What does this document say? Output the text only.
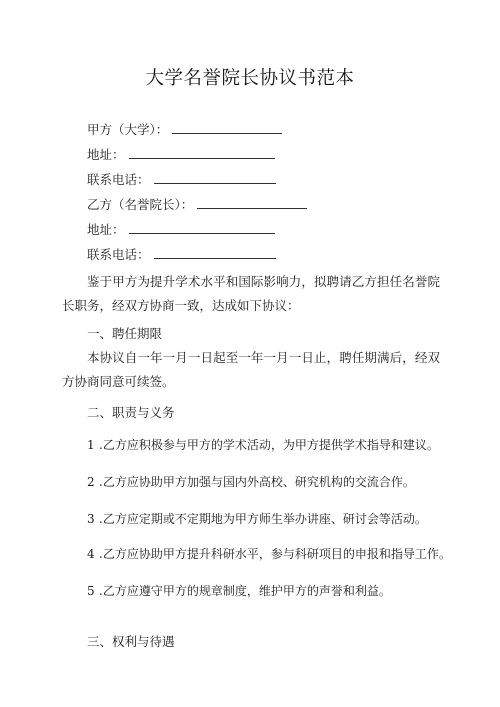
大学名誉院长协议书范本
甲方（大学）：
地址：
联系电话：
乙方（名誉院长）：
地址：
联系电话：
鉴于甲方为提升学术水平和国际影响力，拟聘请乙方担任名誉院长职务，经双方协商一致，达成如下协议：
一、聘任期限
本协议自一年一月一日起至一年一月一日止，聘任期满后，经双方协商同意可续签。
二、职责与义务
1 .乙方应积极参与甲方的学术活动，为甲方提供学术指导和建议。
2 .乙方应协助甲方加强与国内外高校、研究机构的交流合作。
3 .乙方应定期或不定期地为甲方师生举办讲座、研讨会等活动。
4 .乙方应协助甲方提升科研水平，参与科研项目的申报和指导工作。
5 .乙方应遵守甲方的规章制度，维护甲方的声誉和利益。
三、权利与待遇
